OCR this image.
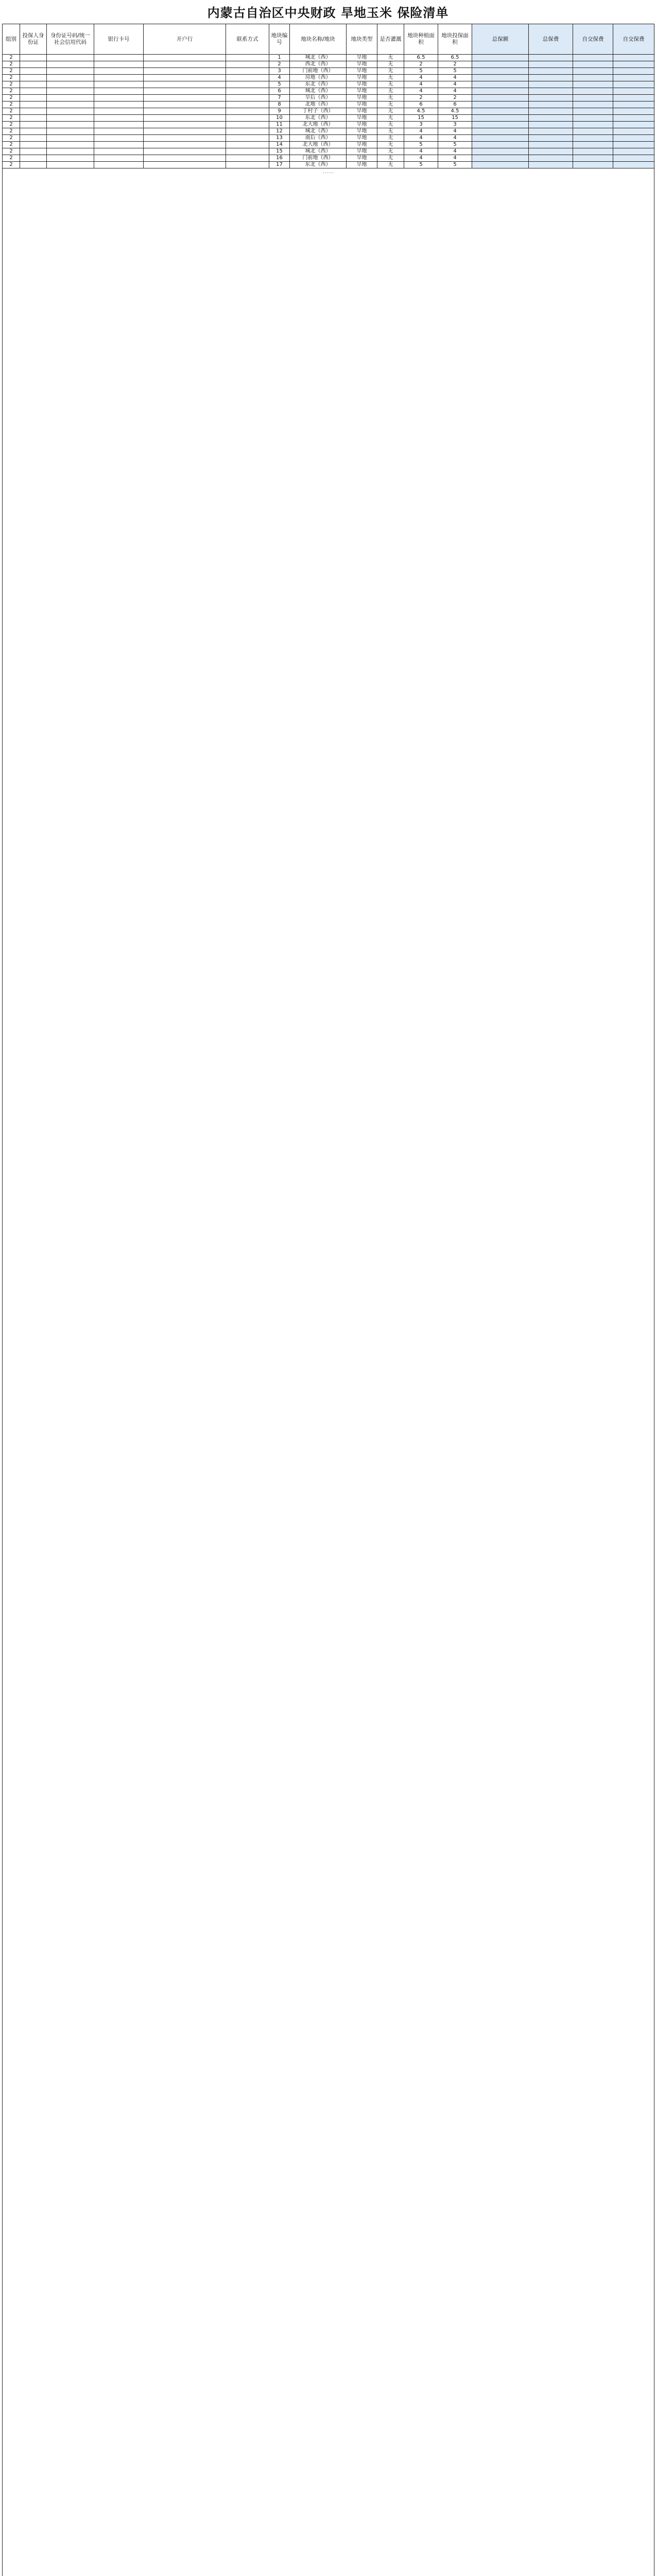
内蒙古自治区中央财政 旱地玉米 保险清单
组别	投保人身份证	身份证号码/统一社会信用代码	银行卡号	开户行	联系方式	地块编号	地块名称/地块	地块类型	是否灌溉	地块种植面积	地块投保面积	总保额	总保费	自交保费	自交保费
2						1	城北（西）	旱地	无	6.5	6.5				
2						2	西北（西）	旱地	无	2	2				
2						3	门前地（西）	旱地	无	5	5				
2						4	房地（西）	旱地	无	4	4				
2						5	东北（西）	旱地	无	4	4				
2						6	城北（西）	旱地	无	4	4				
2						7	旱后（西）	旱地	无	2	2				
2						8	北地（西）	旱地	无	6	6				
2						9	丁村子（西）	旱地	无	4.5	4.5				
2						10	东北（西）	旱地	无	15	15				
2						11	北大地（西）	旱地	无	3	3				
2						12	城北（西）	旱地	无	4	4				
2						13	南后（西）	旱地	无	4	4				
2						14	北大地（西）	旱地	无	5	5				
2						15	城北（西）	旱地	无	4	4				
2						16	门前地（西）	旱地	无	4	4				
2						17	东北（西）	旱地	无	5	5				
……															
